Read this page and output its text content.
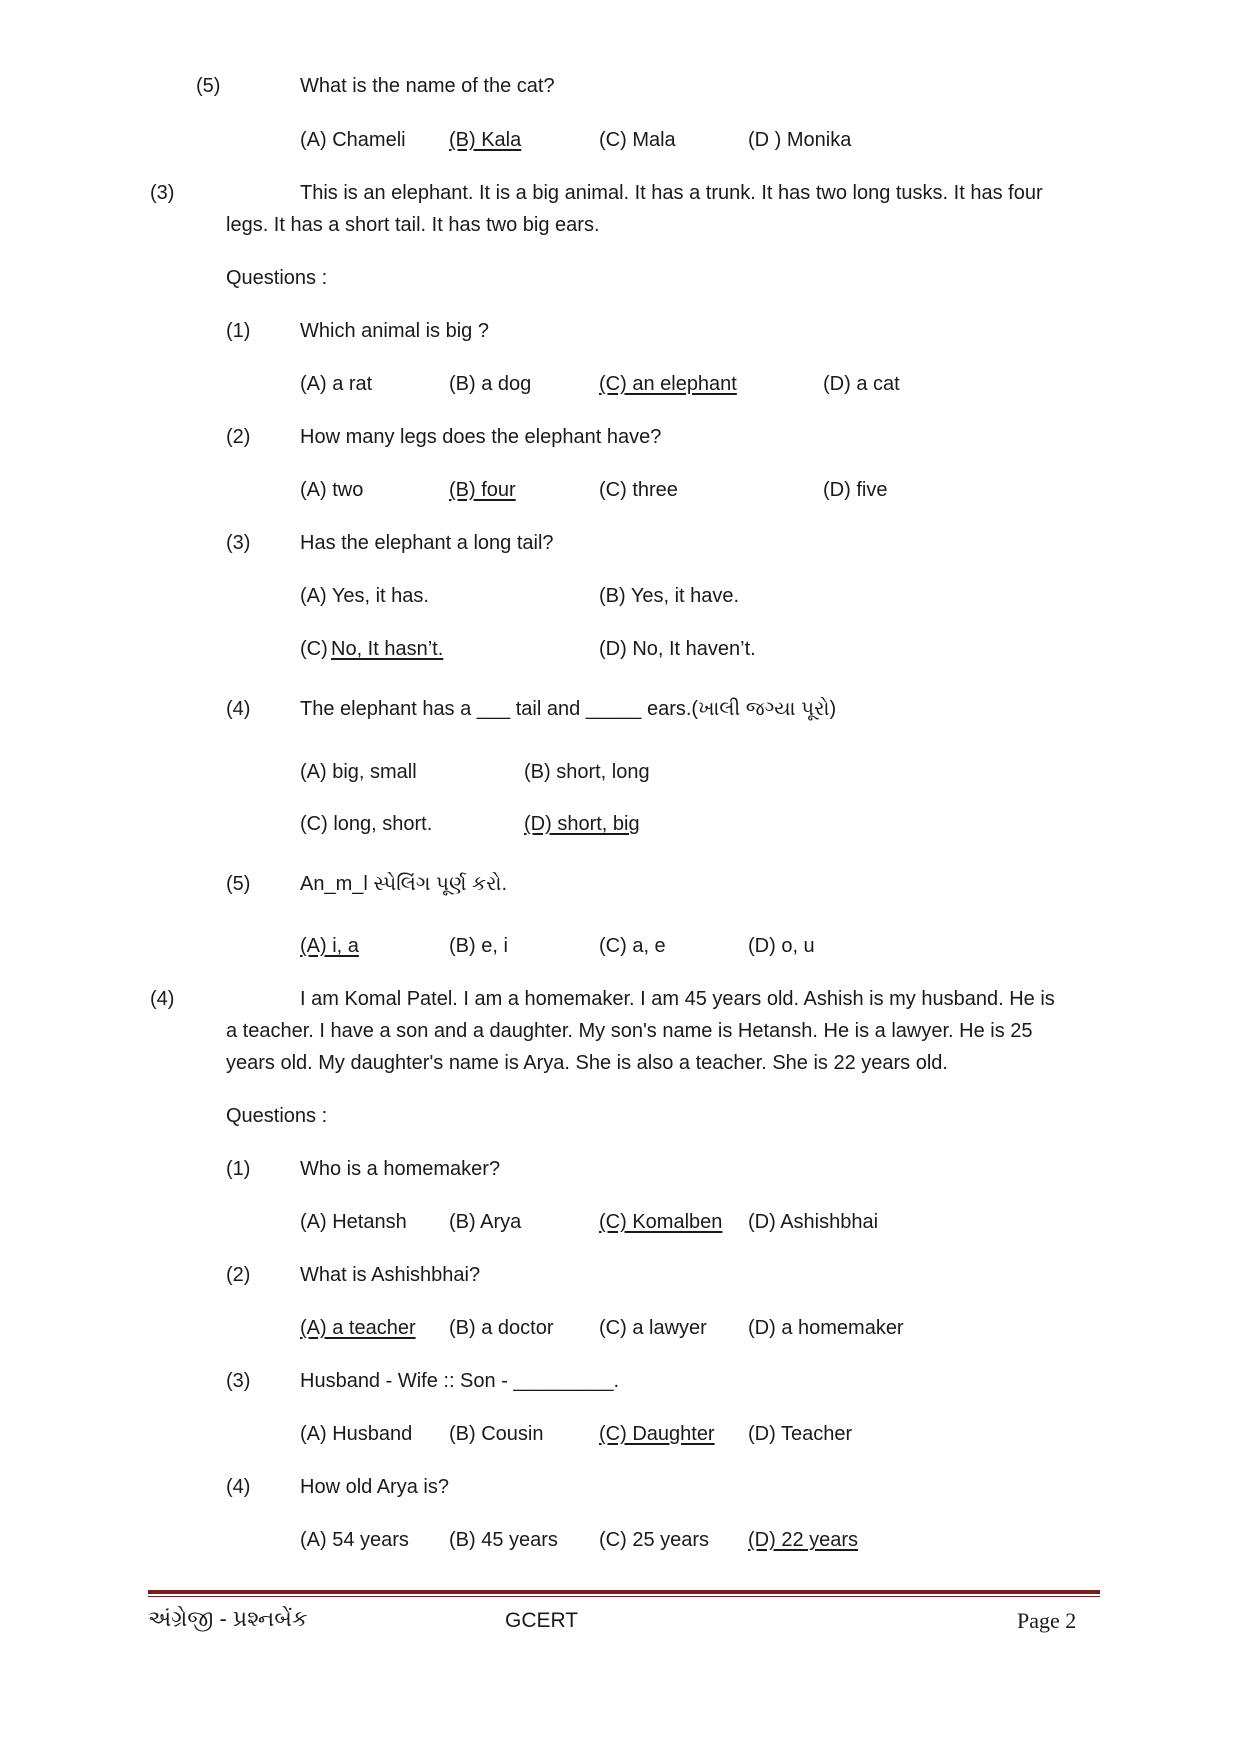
(5)	What is the name of the cat?
(A) Chameli (B) Kala	(C) Mala	(D ) Monika
(3)	This is an elephant. It is a big animal. It has a trunk. It has two long tusks. It has four
legs. It has a short tail. It has two big ears.
Questions :
(1) Which animal is big ?
(A) a rat	(B) a dog	(C) an elephant	(D) a cat
(2) How many legs does the elephant have?
(A) two	(B) four	(C) three	(D) five
(3) Has the elephant a long tail?
(A) Yes, it has.	(B) Yes, it have.
(C) No, It hasn’t.	(D) No, It haven’t.
(4) The elephant has a ___ tail and _____ ears.(ખાલી જગ્યા પૂરો)
(A) big, small	(B) short, long
(C) long, short.	(D) short, big
(5) An_m_l સ્પેલિંગ પૂર્ણ કરો.
(A) i, a	(B) e, i	(C) a, e	(D) o, u
(4)	I am Komal Patel. I am a homemaker. I am 45 years old. Ashish is my husband. He is
a teacher. I have a son and a daughter. My son's name is Hetansh. He is a lawyer. He is 25
years old. My daughter's name is Arya. She is also a teacher. She is 22 years old.
Questions :
(1) Who is a homemaker?
(A) Hetansh (B) Arya	(C) Komalben (D) Ashishbhai
(2) What is Ashishbhai?
(A) a teacher (B) a doctor (C) a lawyer (D) a homemaker
(3) Husband - Wife :: Son - _________.
(A) Husband (B) Cousin	(C) Daughter (D) Teacher
(4) How old Arya is?
(A) 54 years (B) 45 years (C) 25 years (D) 22 years
અંગ્રેજી - પ્રશ્નબેંક	GCERT	Page 2
